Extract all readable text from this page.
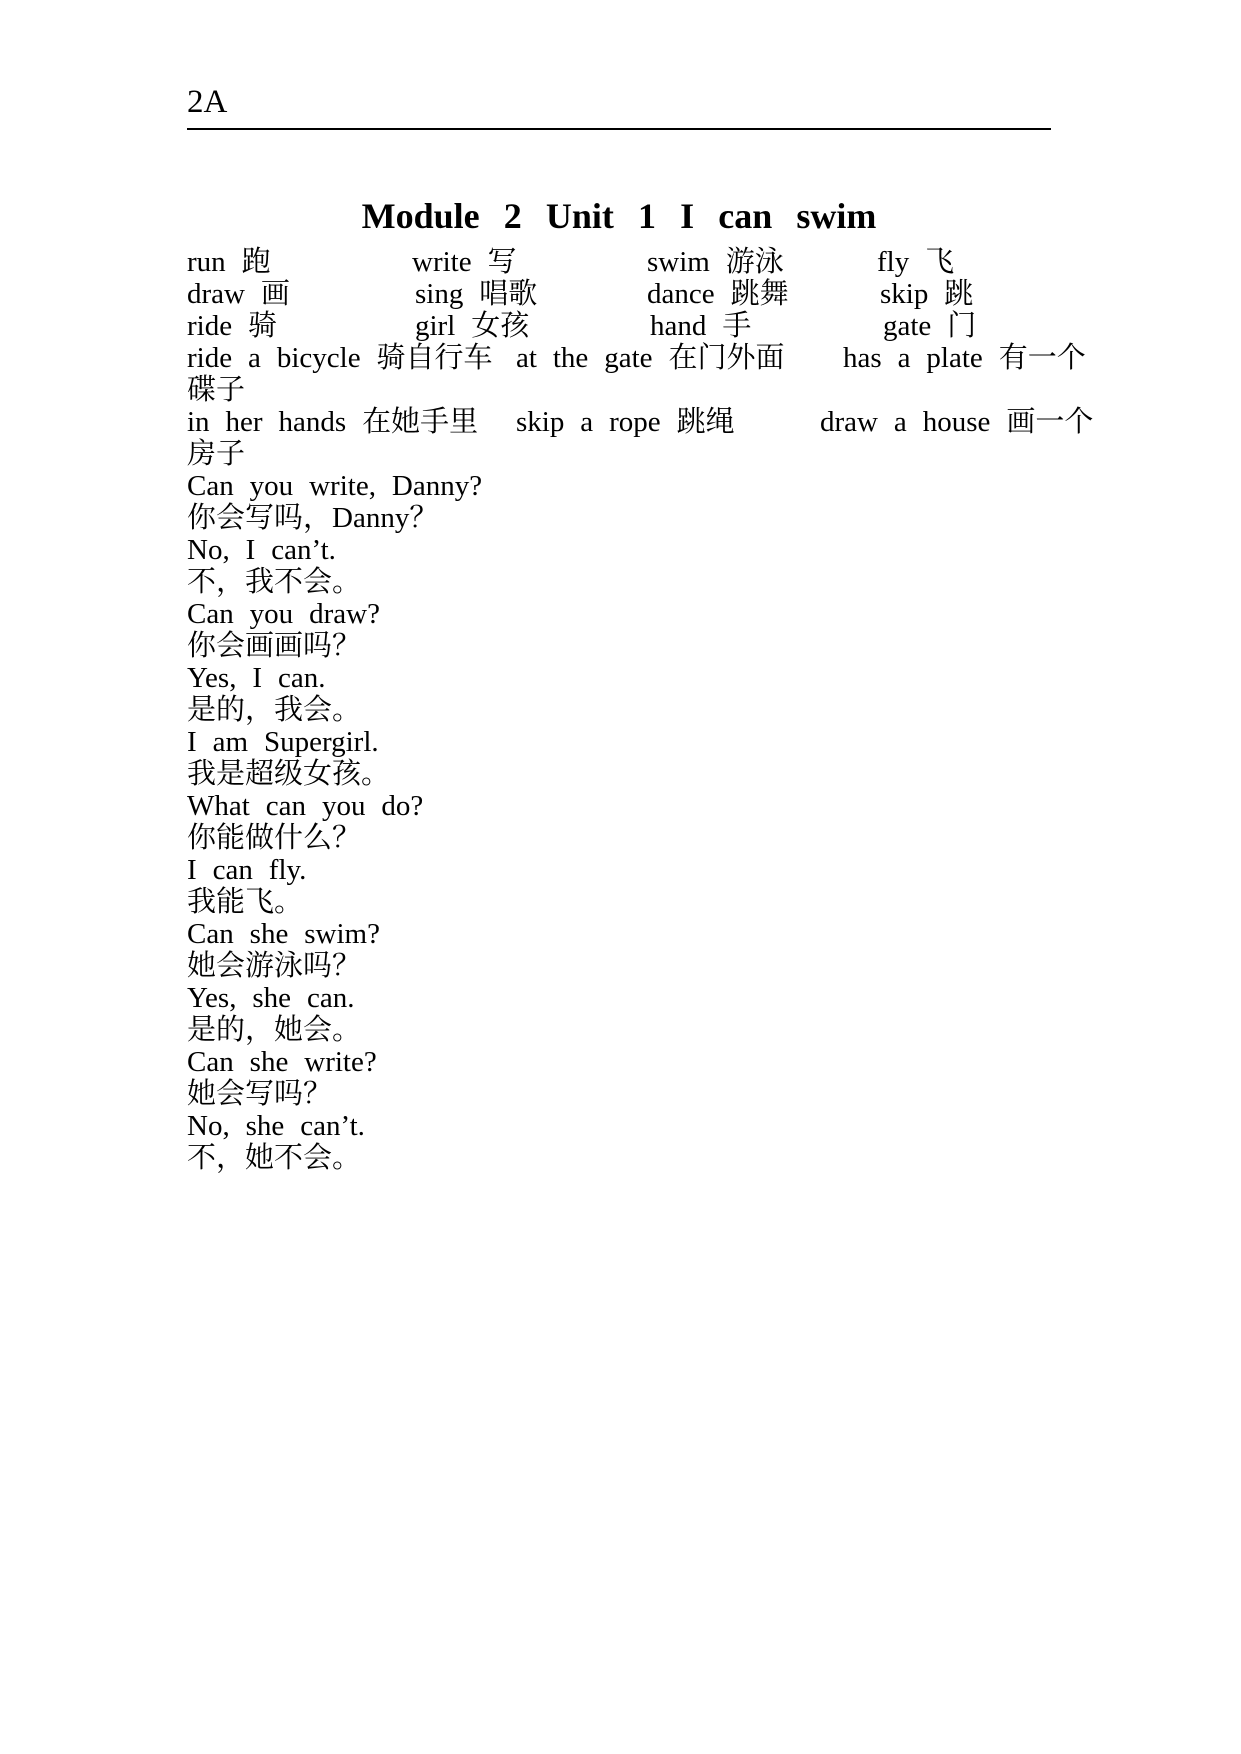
2A
Module 2 Unit 1 I can swim
run 跑	write 写	swim 游泳	fly 飞
draw 画	sing 唱歌	dance 跳舞	skip 跳
ride 骑	girl 女孩	hand 手	gate 门
ride a bicycle 骑自行车 at the gate 在门外面 has a plate 有一个
碟子
in her hands 在她手里 skip a rope 跳绳	draw a house 画一个
房子
Can you write, Danny?
你会写吗，Danny？
No, I can’t.
不，我不会。
Can you draw?
你会画画吗？
Yes, I can.
是的，我会。
I am Supergirl.
我是超级女孩。
What can you do?
你能做什么？
I can fly.
我能飞。
Can she swim?
她会游泳吗？
Yes, she can.
是的，她会。
Can she write?
她会写吗？
No, she can’t.
不，她不会。
